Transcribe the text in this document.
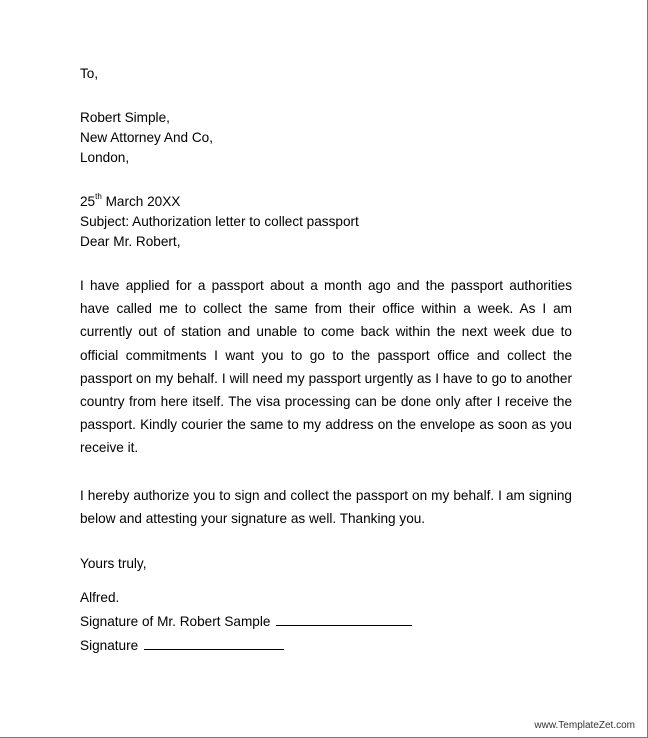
To,
Robert Simple,
New Attorney And Co,
London,
25th March 20XX
Subject: Authorization letter to collect passport
Dear Mr. Robert,

I have applied for a passport about a month ago and the passport authorities have called me to collect the same from their office within a week. As I am currently out of station and unable to come back within the next week due to official commitments I want you to go to the passport office and collect the passport on my behalf. I will need my passport urgently as I have to go to another country from here itself. The visa processing can be done only after I receive the passport. Kindly courier the same to my address on the envelope as soon as you receive it.

I hereby authorize you to sign and collect the passport on my behalf. I am signing below and attesting your signature as well. Thanking you.

Yours truly,
Alfred.
Signature of Mr. Robert Sample
Signature
www.TemplateZet.com
